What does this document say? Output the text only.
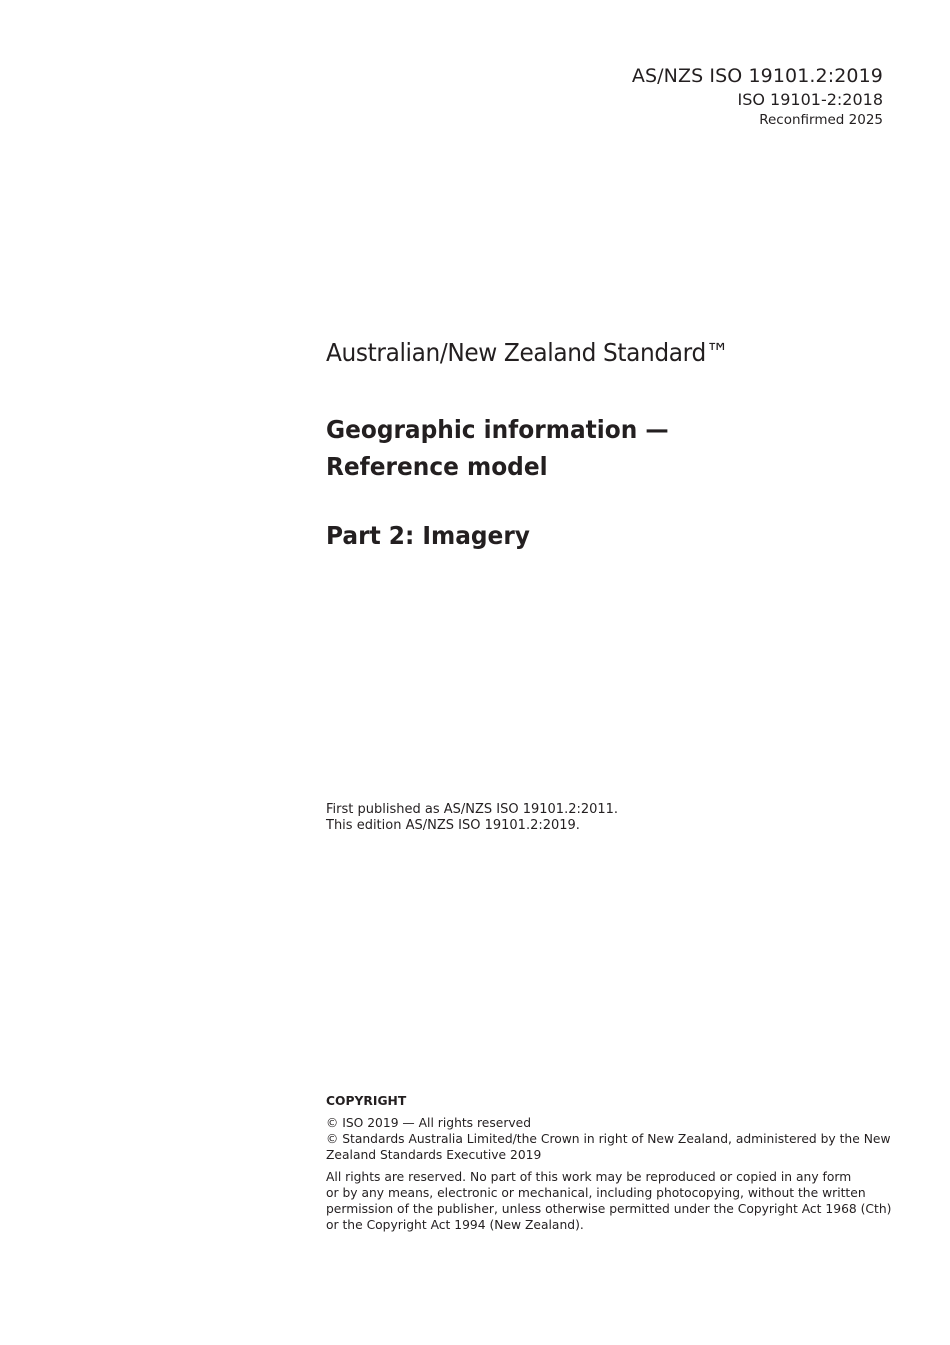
AS/NZS ISO 19101.2:2019
ISO 19101-2:2018
Reconfirmed 2025
Australian/New Zealand Standard™
Geographic information —
Reference model
Part 2: Imagery
First published as AS/NZS ISO 19101.2:2011.
This edition AS/NZS ISO 19101.2:2019.
COPYRIGHT
© ISO 2019 — All rights reserved
© Standards Australia Limited/the Crown in right of New Zealand, administered by the New
Zealand Standards Executive 2019
All rights are reserved. No part of this work may be reproduced or copied in any form
or by any means, electronic or mechanical, including photocopying, without the written
permission of the publisher, unless otherwise permitted under the Copyright Act 1968 (Cth)
or the Copyright Act 1994 (New Zealand).
